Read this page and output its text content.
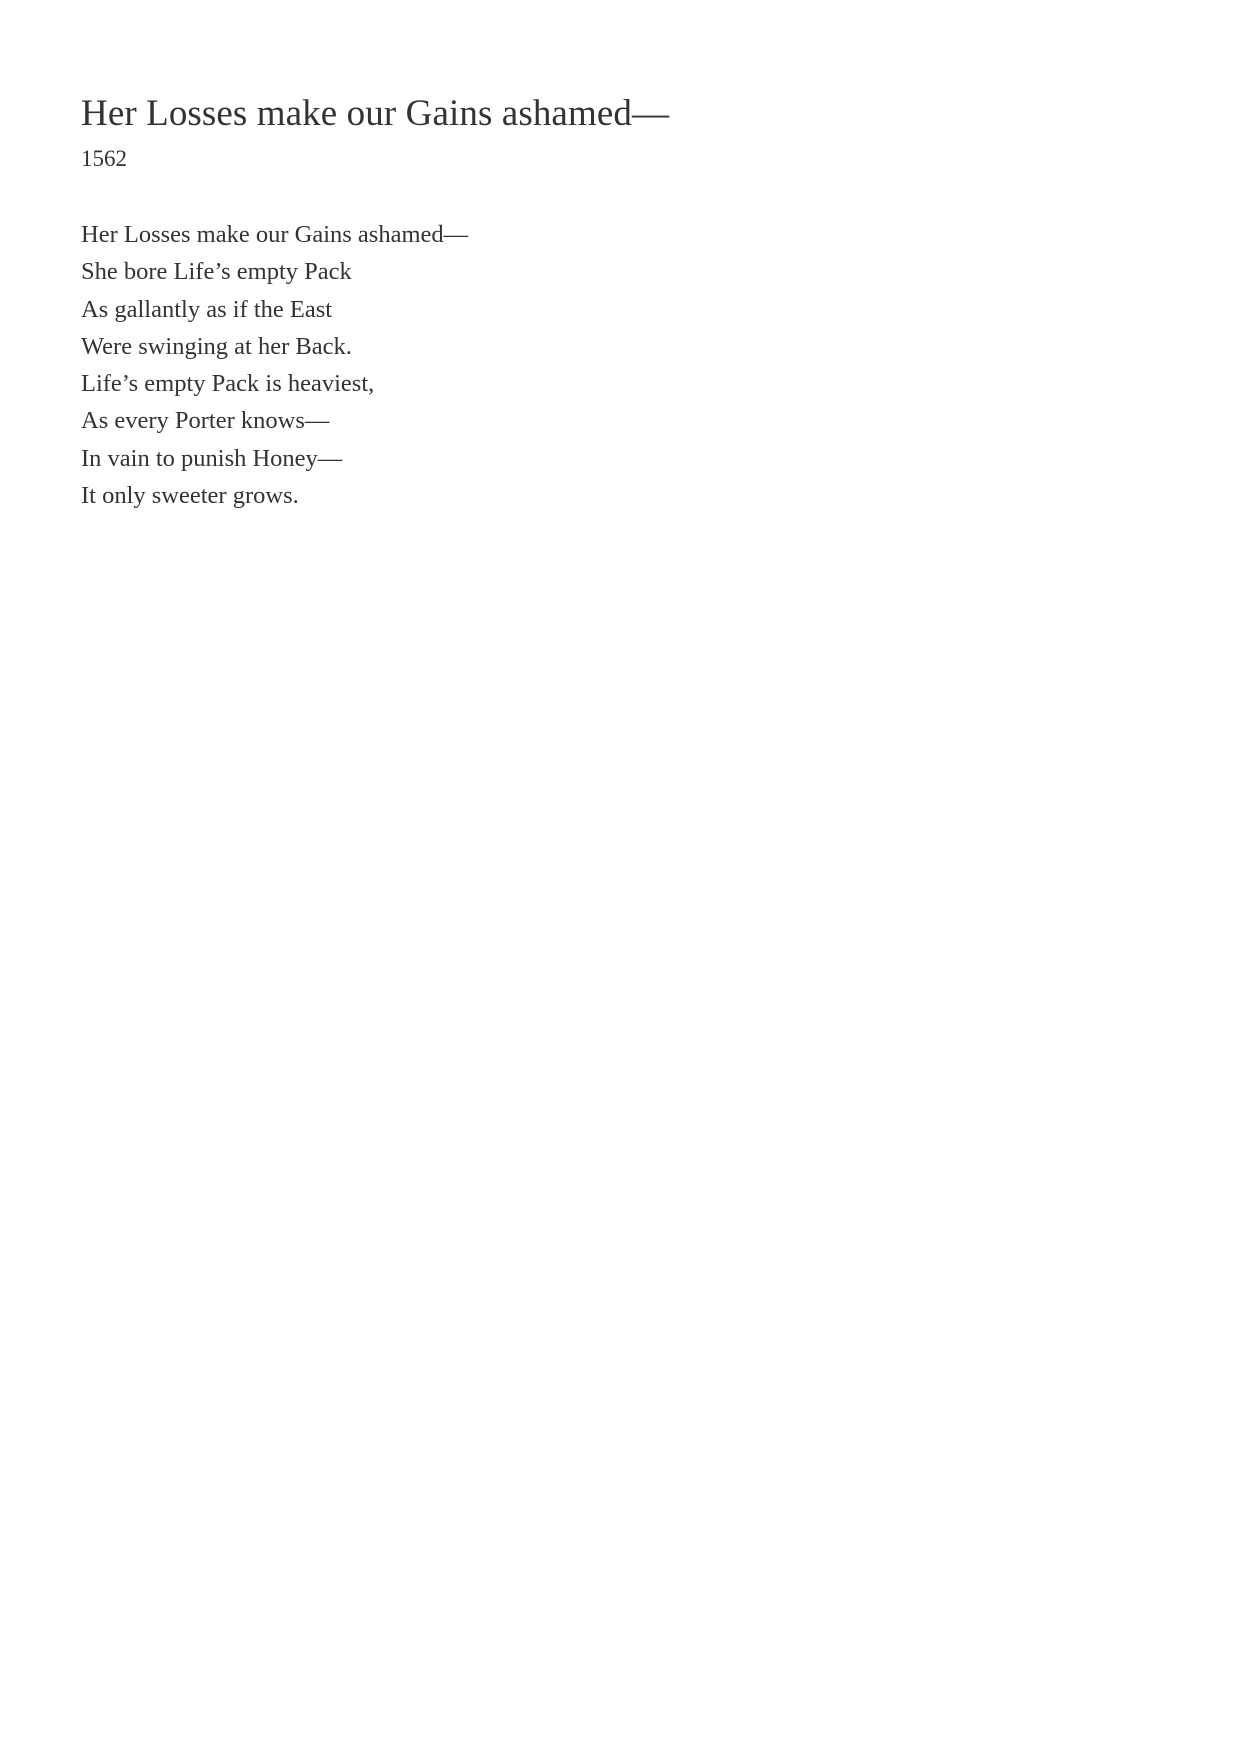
Her Losses make our Gains ashamed—
1562
Her Losses make our Gains ashamed—
She bore Life’s empty Pack
As gallantly as if the East
Were swinging at her Back.
Life’s empty Pack is heaviest,
As every Porter knows—
In vain to punish Honey—
It only sweeter grows.
